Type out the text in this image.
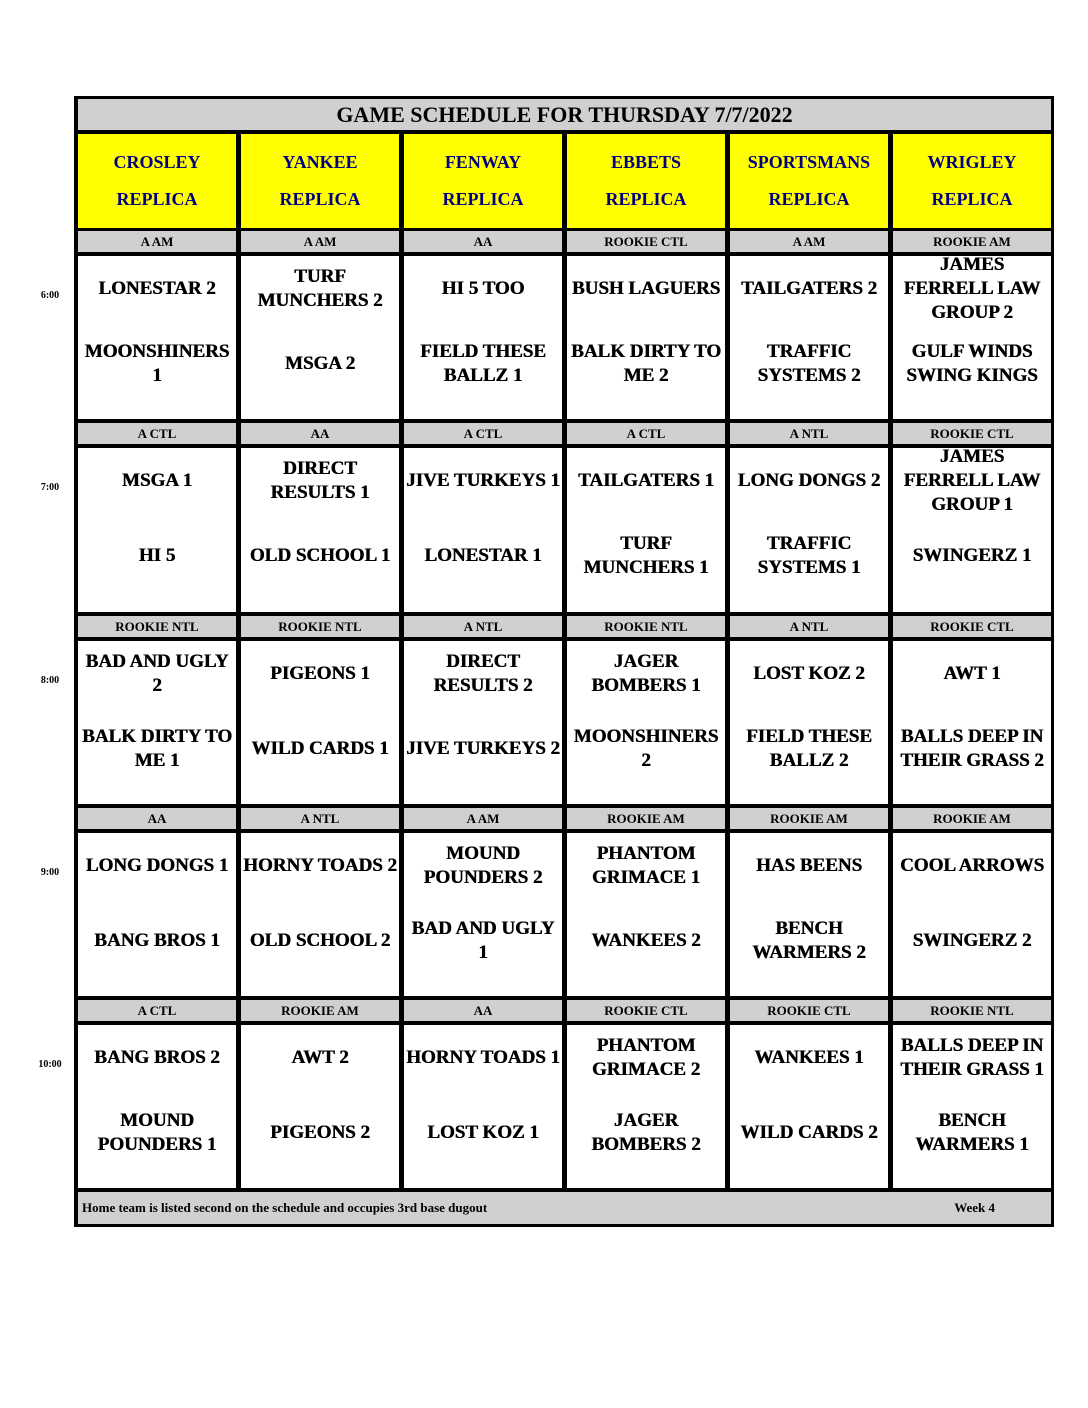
GAME SCHEDULE FOR THURSDAY 7/7/2022
CROSLEY
REPLICA
YANKEE
REPLICA
FENWAY
REPLICA
EBBETS
REPLICA
SPORTSMANS
REPLICA
WRIGLEY
REPLICA
A AM
LONESTAR 2
MOONSHINERS 1
A AM
TURF MUNCHERS 2
MSGA 2
AA
HI 5 TOO
FIELD THESE BALLZ 1
ROOKIE CTL
BUSH LAGUERS
BALK DIRTY TO ME 2
A AM
TAILGATERS 2
TRAFFIC SYSTEMS 2
ROOKIE AM
JAMES FERRELL LAW GROUP 2
GULF WINDS SWING KINGS
A CTL
MSGA 1
HI 5
AA
DIRECT RESULTS 1
OLD SCHOOL 1
A CTL
JIVE TURKEYS 1
LONESTAR 1
A CTL
TAILGATERS 1
TURF MUNCHERS 1
A NTL
LONG DONGS 2
TRAFFIC SYSTEMS 1
ROOKIE CTL
JAMES FERRELL LAW GROUP 1
SWINGERZ 1
ROOKIE NTL
BAD AND UGLY 2
BALK DIRTY TO ME 1
ROOKIE NTL
PIGEONS 1
WILD CARDS 1
A NTL
DIRECT RESULTS 2
JIVE TURKEYS 2
ROOKIE NTL
JAGER BOMBERS 1
MOONSHINERS 2
A NTL
LOST KOZ 2
FIELD THESE BALLZ 2
ROOKIE CTL
AWT 1
BALLS DEEP IN THEIR GRASS 2
AA
LONG DONGS 1
BANG BROS 1
A NTL
HORNY TOADS 2
OLD SCHOOL 2
A AM
MOUND POUNDERS 2
BAD AND UGLY 1
ROOKIE AM
PHANTOM GRIMACE 1
WANKEES 2
ROOKIE AM
HAS BEENS
BENCH WARMERS 2
ROOKIE AM
COOL ARROWS
SWINGERZ 2
A CTL
BANG BROS 2
MOUND POUNDERS 1
ROOKIE AM
AWT 2
PIGEONS 2
AA
HORNY TOADS 1
LOST KOZ 1
ROOKIE CTL
PHANTOM GRIMACE 2
JAGER BOMBERS 2
ROOKIE CTL
WANKEES 1
WILD CARDS 2
ROOKIE NTL
BALLS DEEP IN THEIR GRASS 1
BENCH WARMERS 1
Home team is listed second on the schedule and occupies 3rd base dugout	Week 4
6:00
7:00
8:00
9:00
10:00
